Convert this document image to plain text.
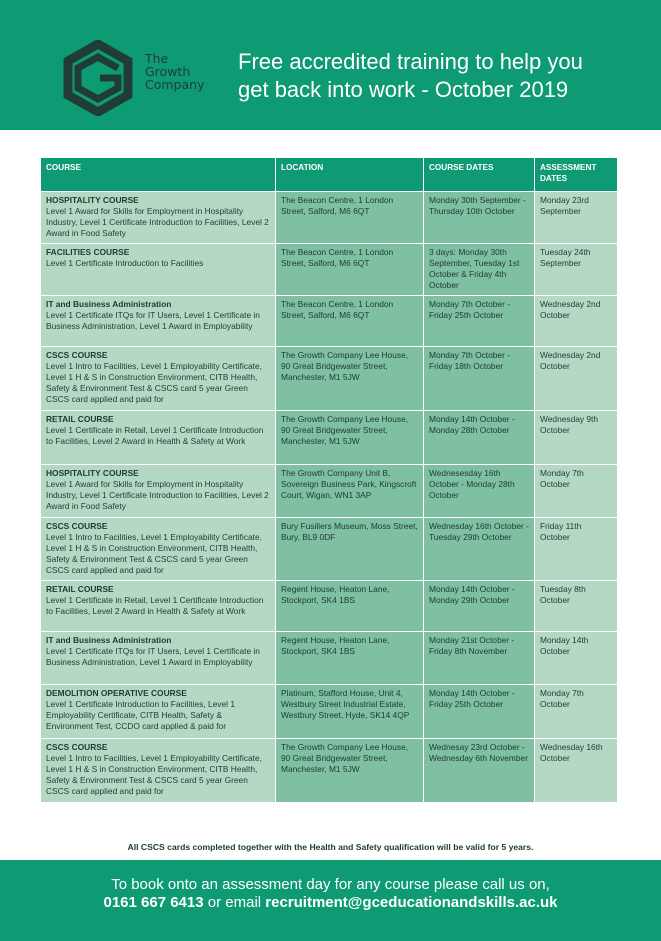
The
Growth
Company
Free accredited training to help you
get back into work - October 2019
COURSE	LOCATION	COURSE DATES	ASSESSMENT DATES

HOSPITALITY COURSE
Level 1 Award for Skills for Employment in Hospitality Industry, Level 1 Certificate Introduction to Facilities, Level 2 Award in Food Safety	The Beacon Centre, 1 London Street, Salford, M6 6QT	Monday 30th September - Thursday 10th October	Monday 23rd September

FACILITIES COURSE
Level 1 Certificate Introduction to Facilities	The Beacon Centre, 1 London Street, Salford, M6 6QT	3 days: Monday 30th September, Tuesday 1st October & Friday 4th October	Tuesday 24th September

IT and Business Administration
Level 1 Certificate ITQs for IT Users, Level 1 Certificate in Business Administration, Level 1 Award in Employability	The Beacon Centre, 1 London Street, Salford, M6 6QT	Monday 7th October - Friday 25th October	Wednesday 2nd October

CSCS COURSE
Level 1 Intro to Facilities, Level 1 Employability Certificate, Level 1 H & S in Construction Environment, CITB Health, Safety & Environment Test & CSCS card 5 year Green CSCS card applied and paid for	The Growth Company Lee House, 90 Great Bridgewater Street, Manchester, M1 5JW	Monday 7th October - Friday 18th October	Wednesday 2nd October

RETAIL COURSE
Level 1 Certificate in Retail, Level 1 Certificate Introduction to Facilities, Level 2 Award in Health & Safety at Work	The Growth Company Lee House, 90 Great Bridgewater Street, Manchester, M1 5JW	Monday 14th October - Monday 28th October	Wednesday 9th October

HOSPITALITY COURSE
Level 1 Award for Skills for Employment in Hospitality Industry, Level 1 Certificate Introduction to Facilities, Level 2 Award in Food Safety	The Growth Company Unit B, Sovereign Business Park, Kingscroft Court, Wigan, WN1 3AP	Wednesesday 16th October - Monday 28th October	Monday 7th October

CSCS COURSE
Level 1 Intro to Facilities, Level 1 Employability Certificate, Level 1 H & S in Construction Environment, CITB Health, Safety & Environment Test & CSCS card 5 year Green CSCS card applied and paid for	Bury Fusiliers Museum, Moss Street, Bury, BL9 0DF	Wednesday 16th October - Tuesday 29th October	Friday 11th October

RETAIL COURSE
Level 1 Certificate in Retail, Level 1 Certificate Introduction to Facilities, Level 2 Award in Health & Safety at Work	Regent House, Heaton Lane, Stockport, SK4 1BS	Monday 14th October - Monday 29th October	Tuesday 8th October

IT and Business Administration
Level 1 Certificate ITQs for IT Users, Level 1 Certificate in Business Administration, Level 1 Award in Employability	Regent House, Heaton Lane, Stockport, SK4 1BS	Monday 21st October - Friday 8th November	Monday 14th October

DEMOLITION OPERATIVE COURSE
Level 1 Certificate Introduction to Facilities, Level 1 Employability Certificate, CITB Health, Safety & Environment Test, CCDO card applied & paid for	Platinum, Stafford House, Unit 4, Westbury Street Industrial Estate, Westbury Street, Hyde, SK14 4QP	Monday 14th October - Friday 25th October	Monday 7th October

CSCS COURSE
Level 1 Intro to Facilities, Level 1 Employability Certificate, Level 1 H & S in Construction Environment, CITB Health, Safety & Environment Test & CSCS card 5 year Green CSCS card applied and paid for	The Growth Company Lee House, 90 Great Bridgewater Street, Manchester, M1 5JW	Wednesay 23rd October - Wednesday 6th November	Wednesday 16th October
All CSCS cards completed together with the Health and Safety qualification will be valid for 5 years.
To book onto an assessment day for any course please call us on,
0161 667 6413 or email recruitment@gceducationandskills.ac.uk
